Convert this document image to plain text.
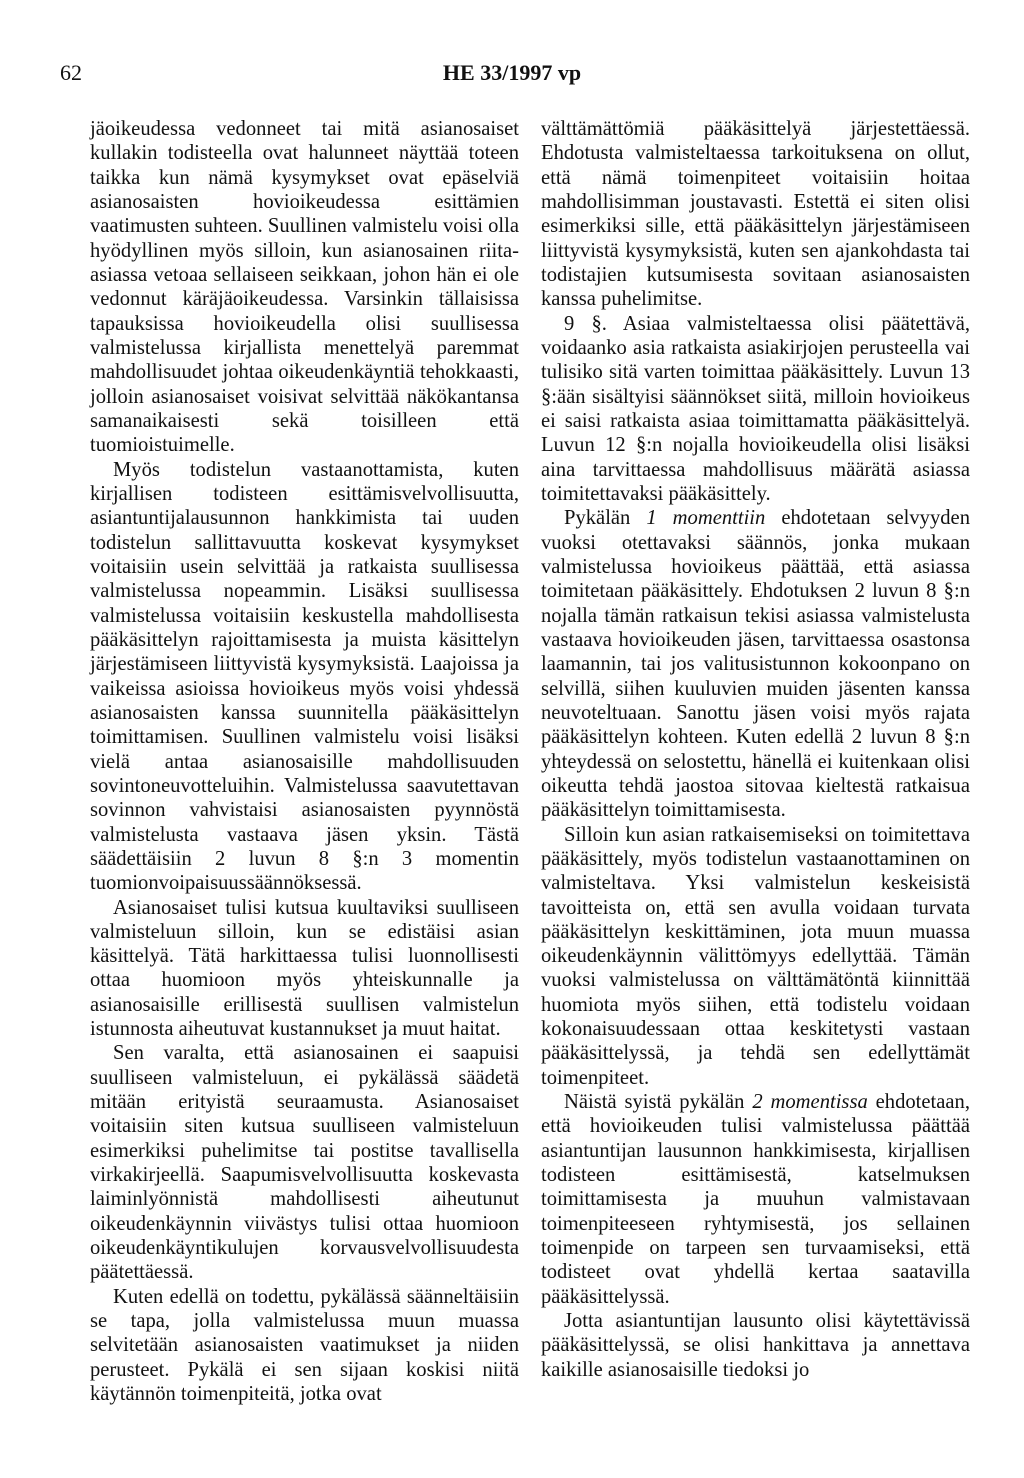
62	HE 33/1997 vp

jäoikeudessa vedonneet tai mitä asianosaiset kullakin todisteella ovat halunneet näyttää toteen taikka kun nämä kysymykset ovat epäselviä asianosaisten hovioikeudessa esittämien vaatimusten suhteen. Suullinen valmistelu voisi olla hyödyllinen myös silloin, kun asianosainen riita-asiassa vetoaa sellaiseen seikkaan, johon hän ei ole vedonnut käräjäoikeudessa. Varsinkin tällaisissa tapauksissa hovioikeudella olisi suullisessa valmistelussa kirjallista menettelyä paremmat mahdollisuudet johtaa oikeudenkäyntiä tehokkaasti, jolloin asianosaiset voisivat selvittää näkökantansa samanaikaisesti sekä toisilleen että tuomioistuimelle.

Myös todistelun vastaanottamista, kuten kirjallisen todisteen esittämisvelvollisuutta, asiantuntijalausunnon hankkimista tai uuden todistelun sallittavuutta koskevat kysymykset voitaisiin usein selvittää ja ratkaista suullisessa valmistelussa nopeammin. Lisäksi suullisessa valmistelussa voitaisiin keskustella mahdollisesta pääkäsittelyn rajoittamisesta ja muista käsittelyn järjestämiseen liittyvistä kysymyksistä. Laajoissa ja vaikeissa asioissa hovioikeus myös voisi yhdessä asianosaisten kanssa suunnitella pääkäsittelyn toimittamisen. Suullinen valmistelu voisi lisäksi vielä antaa asianosaisille mahdollisuuden sovintoneuvotteluihin. Valmistelussa saavutettavan sovinnon vahvistaisi asianosaisten pyynnöstä valmistelusta vastaava jäsen yksin. Tästä säädettäisiin 2 luvun 8 §:n 3 momentin tuomionvoipaisuussäännöksessä.

Asianosaiset tulisi kutsua kuultaviksi suulliseen valmisteluun silloin, kun se edistäisi asian käsittelyä. Tätä harkittaessa tulisi luonnollisesti ottaa huomioon myös yhteiskunnalle ja asianosaisille erillisestä suullisen valmistelun istunnosta aiheutuvat kustannukset ja muut haitat.

Sen varalta, että asianosainen ei saapuisi suulliseen valmisteluun, ei pykälässä säädetä mitään erityistä seuraamusta. Asianosaiset voitaisiin siten kutsua suulliseen valmisteluun esimerkiksi puhelimitse tai postitse tavallisella virkakirjeellä. Saapumisvelvollisuutta koskevasta laiminlyönnistä mahdollisesti aiheutunut oikeudenkäynnin viivästys tulisi ottaa huomioon oikeudenkäyntikulujen korvausvelvollisuudesta päätettäessä.

Kuten edellä on todettu, pykälässä säänneltäisiin se tapa, jolla valmistelussa muun muassa selvitetään asianosaisten vaatimukset ja niiden perusteet. Pykälä ei sen sijaan koskisi niitä käytännön toimenpiteitä, jotka ovat

välttämättömiä pääkäsittelyä järjestettäessä. Ehdotusta valmisteltaessa tarkoituksena on ollut, että nämä toimenpiteet voitaisiin hoitaa mahdollisimman joustavasti. Estettä ei siten olisi esimerkiksi sille, että pääkäsittelyn järjestämiseen liittyvistä kysymyksistä, kuten sen ajankohdasta tai todistajien kutsumisesta sovitaan asianosaisten kanssa puhelimitse.

9 §. Asiaa valmisteltaessa olisi päätettävä, voidaanko asia ratkaista asiakirjojen perusteella vai tulisiko sitä varten toimittaa pääkäsittely. Luvun 13 §:ään sisältyisi säännökset siitä, milloin hovioikeus ei saisi ratkaista asiaa toimittamatta pääkäsittelyä. Luvun 12 §:n nojalla hovioikeudella olisi lisäksi aina tarvittaessa mahdollisuus määrätä asiassa toimitettavaksi pääkäsittely.

Pykälän 1 momenttiin ehdotetaan selvyyden vuoksi otettavaksi säännös, jonka mukaan valmistelussa hovioikeus päättää, että asiassa toimitetaan pääkäsittely. Ehdotuksen 2 luvun 8 §:n nojalla tämän ratkaisun tekisi asiassa valmistelusta vastaava hovioikeuden jäsen, tarvittaessa osastonsa laamannin, tai jos valitusistunnon kokoonpano on selvillä, siihen kuuluvien muiden jäsenten kanssa neuvoteltuaan. Sanottu jäsen voisi myös rajata pääkäsittelyn kohteen. Kuten edellä 2 luvun 8 §:n yhteydessä on selostettu, hänellä ei kuitenkaan olisi oikeutta tehdä jaostoa sitovaa kieltestä ratkaisua pääkäsittelyn toimittamisesta.

Silloin kun asian ratkaisemiseksi on toimitettava pääkäsittely, myös todistelun vastaanottaminen on valmisteltava. Yksi valmistelun keskeisistä tavoitteista on, että sen avulla voidaan turvata pääkäsittelyn keskittäminen, jota muun muassa oikeudenkäynnin välittömyys edellyttää. Tämän vuoksi valmistelussa on välttämätöntä kiinnittää huomiota myös siihen, että todistelu voidaan kokonaisuudessaan ottaa keskitetysti vastaan pääkäsittelyssä, ja tehdä sen edellyttämät toimenpiteet.

Näistä syistä pykälän 2 momentissa ehdotetaan, että hovioikeuden tulisi valmistelussa päättää asiantuntijan lausunnon hankkimisesta, kirjallisen todisteen esittämisestä, katselmuksen toimittamisesta ja muuhun valmistavaan toimenpiteeseen ryhtymisestä, jos sellainen toimenpide on tarpeen sen turvaamiseksi, että todisteet ovat yhdellä kertaa saatavilla pääkäsittelyssä.

Jotta asiantuntijan lausunto olisi käytettävissä pääkäsittelyssä, se olisi hankittava ja annettava kaikille asianosaisille tiedoksi jo
